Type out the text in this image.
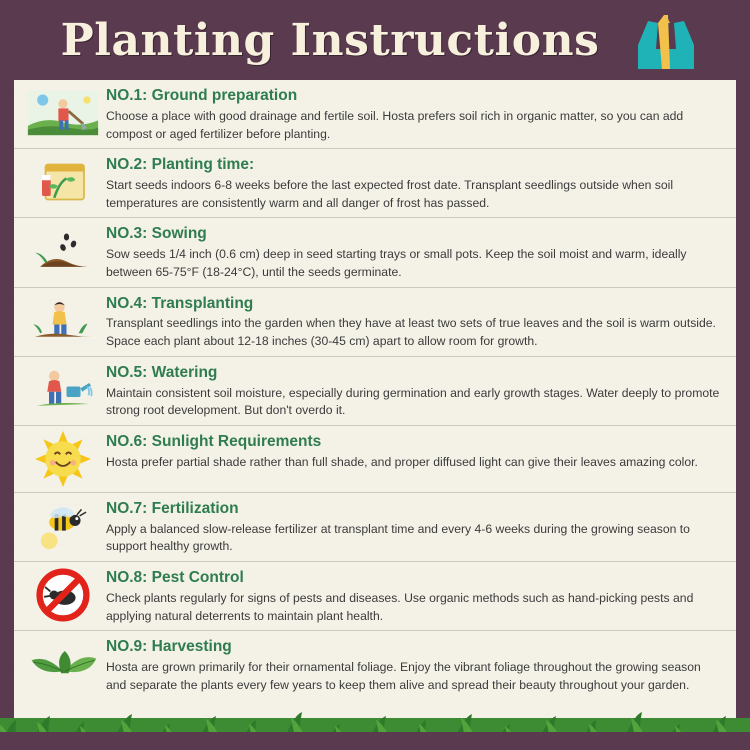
Planting Instructions

NO.1: Ground preparation

Choose a place with good drainage and fertile soil. Hosta prefers soil rich in organic matter, so you can add compost or aged fertilizer before planting.

NO.2: Planting time:

Start seeds indoors 6-8 weeks before the last expected frost date. Transplant seedlings outside when soil temperatures are consistently warm and all danger of frost has passed.

NO.3: Sowing

Sow seeds 1/4 inch (0.6 cm) deep in seed starting trays or small pots. Keep the soil moist and warm, ideally between 65-75°F (18-24°C), until the seeds germinate.

NO.4: Transplanting

Transplant seedlings into the garden when they have at least two sets of true leaves and the soil is warm outside. Space each plant about 12-18 inches (30-45 cm) apart to allow room for growth.

NO.5: Watering

Maintain consistent soil moisture, especially during germination and early growth stages. Water deeply to promote strong root development. But don't overdo it.

NO.6: Sunlight Requirements

Hosta prefer partial shade rather than full shade, and proper diffused light can give their leaves amazing color.

NO.7: Fertilization

Apply a balanced slow-release fertilizer at transplant time and every 4-6 weeks during the growing season to support healthy growth.

NO.8: Pest Control

Check plants regularly for signs of pests and diseases. Use organic methods such as hand-picking pests and applying natural deterrents to maintain plant health.

NO.9: Harvesting

Hosta are grown primarily for their ornamental foliage. Enjoy the vibrant foliage throughout the growing season and separate the plants every few years to keep them alive and spread their beauty throughout your garden.
